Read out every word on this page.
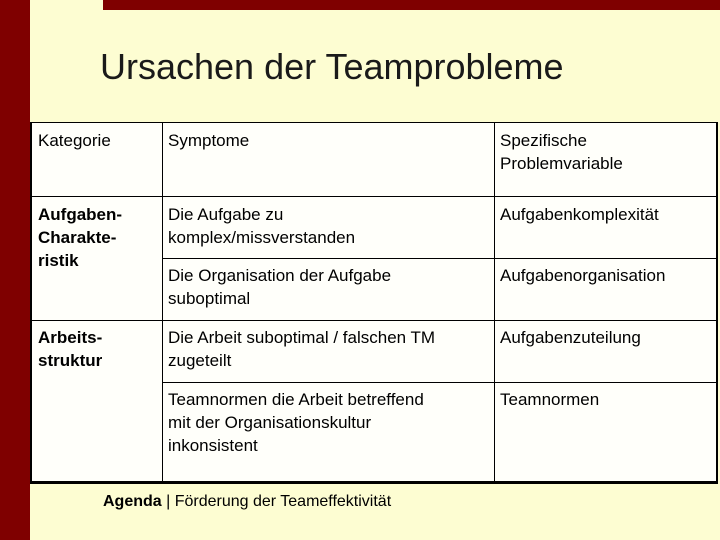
Ursachen der Teamprobleme
Kategorie	Symptome	Spezifische
Problemvariable
Aufgaben-
Charakte-
ristik
Arbeits-
struktur
Die Aufgabe zu
komplex/missverstanden
Aufgabenkomplexität
Die Organisation der Aufgabe
suboptimal
Aufgabenorganisation
Die Arbeit suboptimal / falschen TM
zugeteilt
Aufgabenzuteilung
Teamnormen die Arbeit betreffend
mit der Organisationskultur
inkonsistent
Teamnormen
Agenda | Förderung der Teameffektivität
